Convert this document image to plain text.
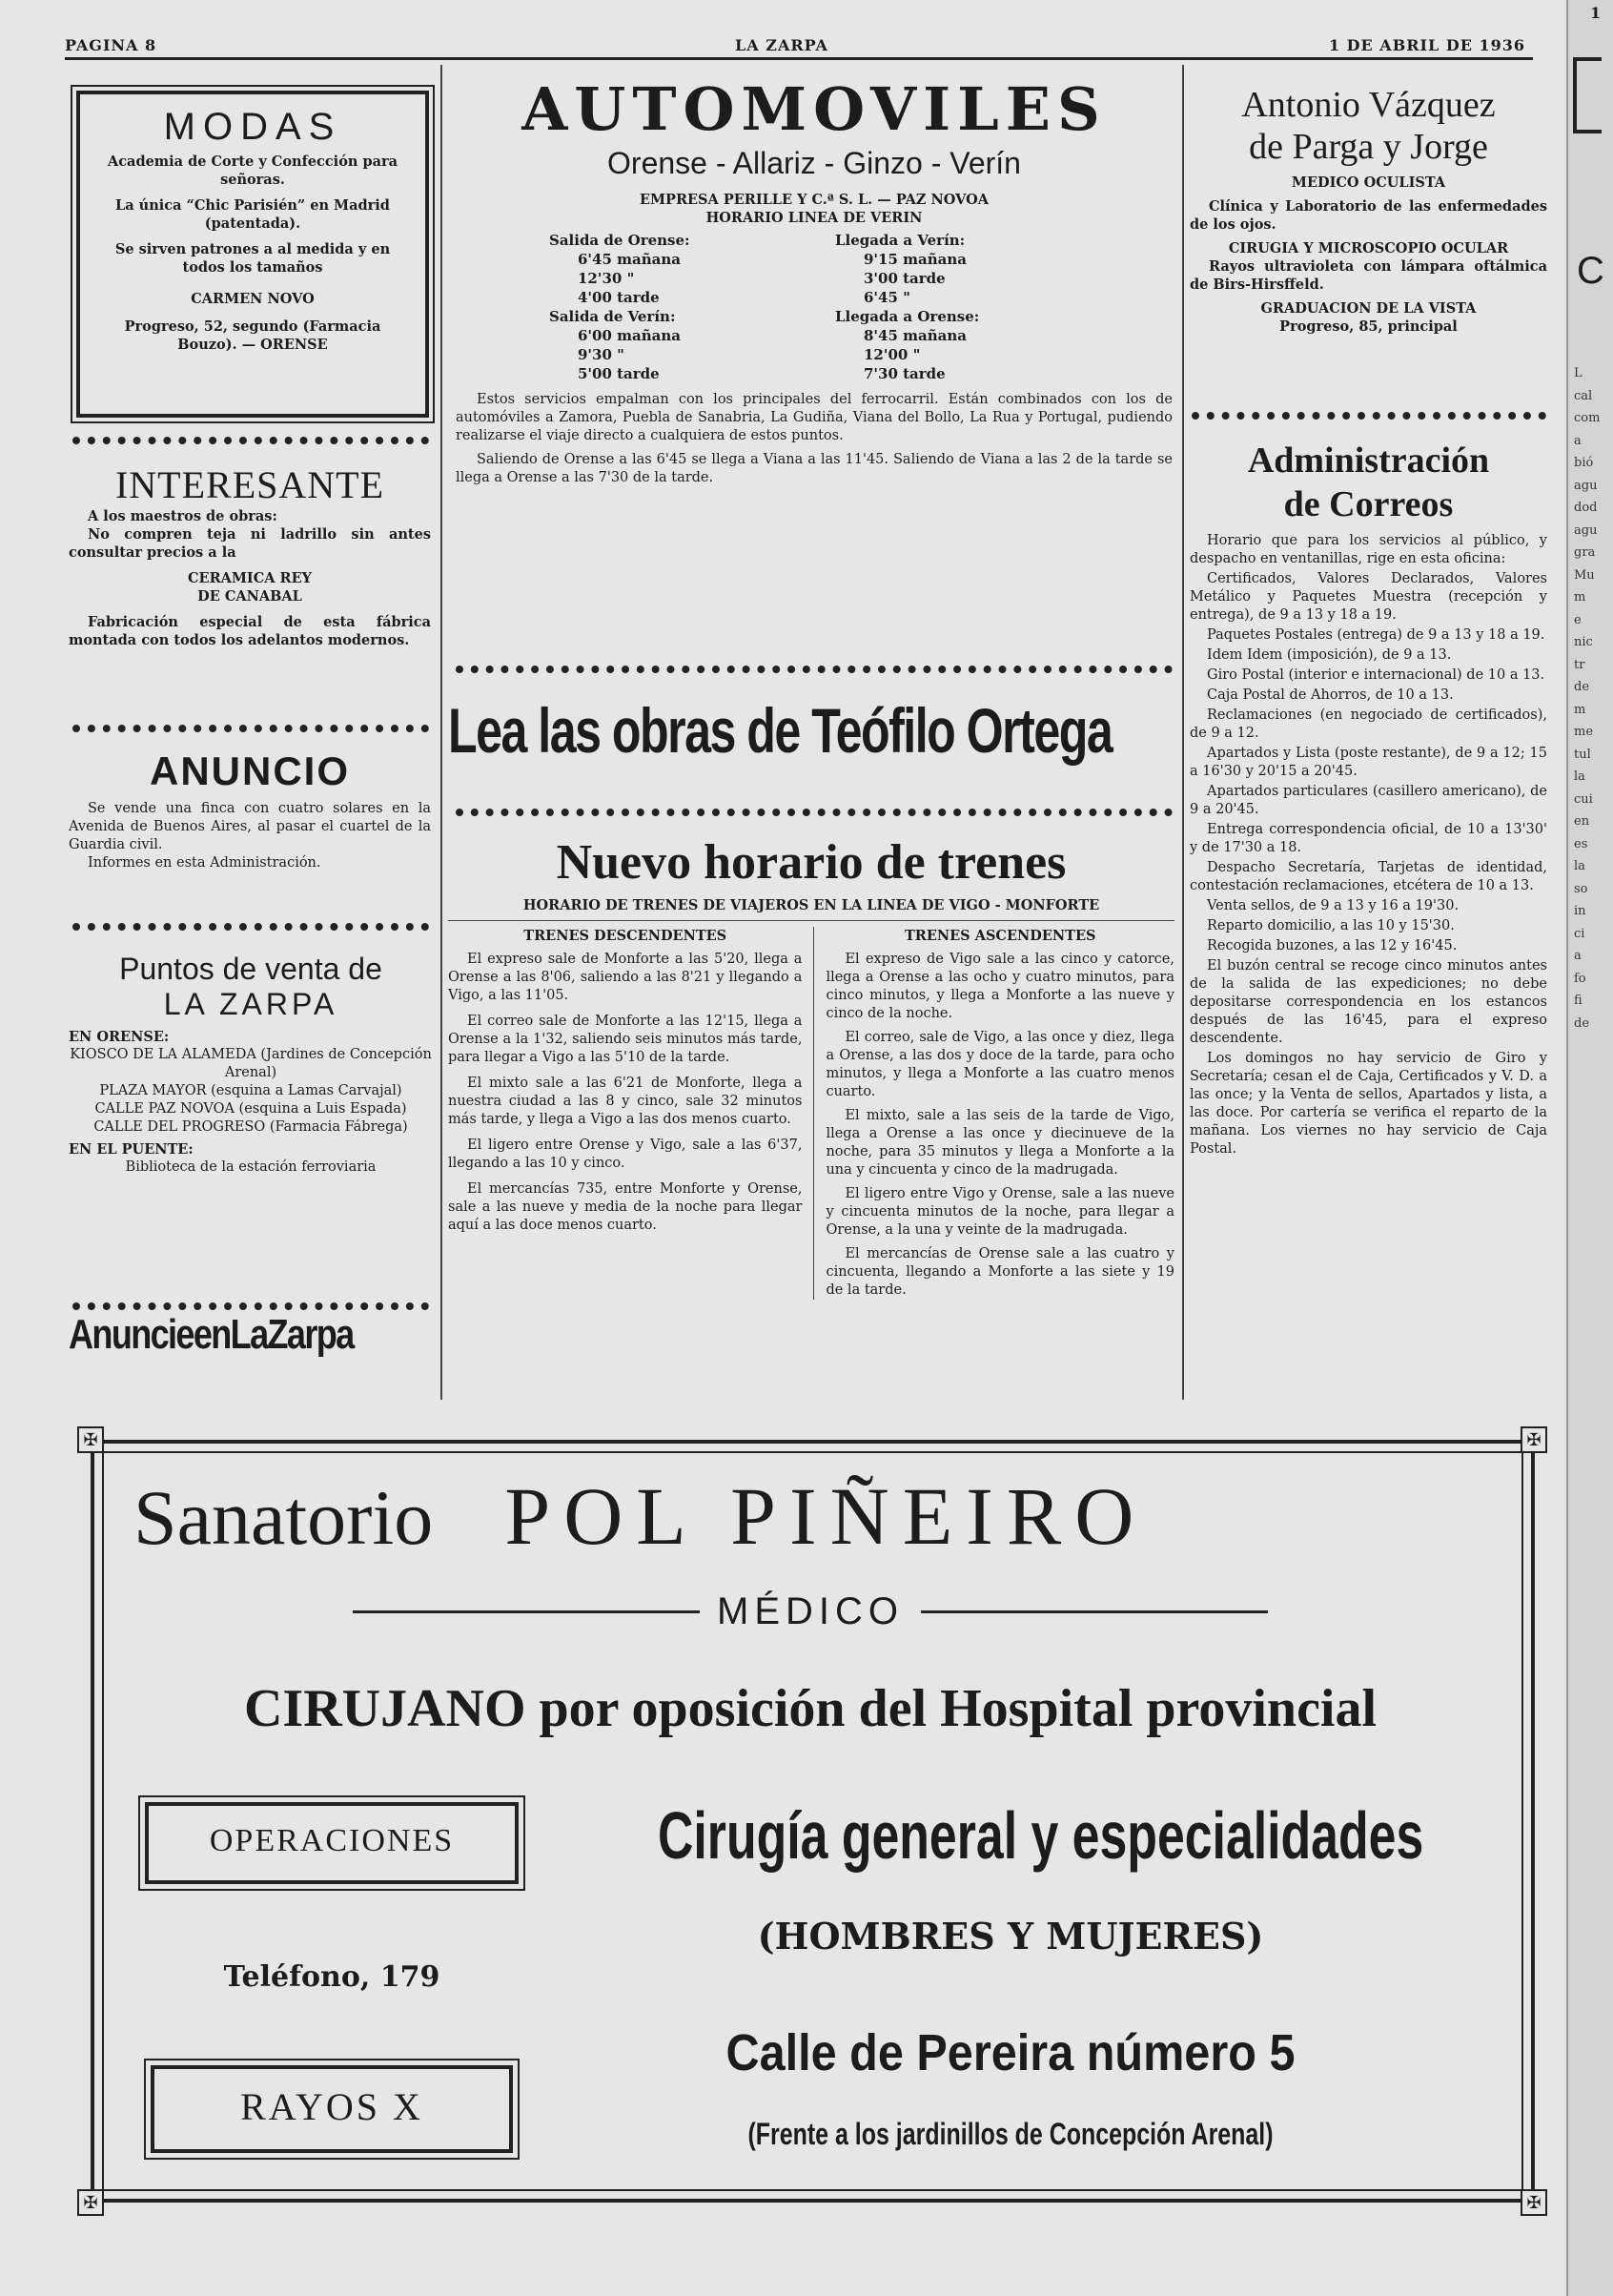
L
cal
com
a
bió
agu
dod
agu
gra
Mu
m
e
nic
tr
de
m
me
tul
la
cui
en
es
la
so
in
ci
a
fo
fi
de
1
C
PAGINA 8	LA ZARPA	1 DE ABRIL DE 1936
MODAS

Academia de Corte y Confección para señoras.

La única “Chic Parisién” en Madrid (patentada).

Se sirven patrones a al medida y en todos los tamaños

CARMEN NOVO

Progreso, 52, segundo (Farmacia Bouzo). — ORENSE

INTERESANTE

A los maestros de obras:

No compren teja ni ladrillo sin antes consultar precios a la

CERAMICA REY

DE CANABAL

Fabricación especial de esta fábrica montada con todos los adelantos modernos.

ANUNCIO

Se vende una finca con cuatro solares en la Avenida de Buenos Aires, al pasar el cuartel de la Guardia civil.

Informes en esta Administración.

Puntos de venta de
LA ZARPA

EN ORENSE:

KIOSCO DE LA ALAMEDA (Jardines de Concepción Arenal)

PLAZA MAYOR (esquina a Lamas Carvajal)

CALLE PAZ NOVOA (esquina a Luis Espada)

CALLE DEL PROGRESO (Farmacia Fábrega)

EN EL PUENTE:

Biblioteca de la estación ferroviaria

AnuncieenLaZarpa
AUTOMOVILES
Orense - Allariz - Ginzo - Verín

EMPRESA PERILLE Y C.ª S. L. — PAZ NOVOA

HORARIO LINEA DE VERIN

Salida de Orense:	Llegada a Verín:
6'45 mañana	9'15 mañana
12'30 "	3'00 tarde
4'00 tarde	6'45 "
Salida de Verín:	Llegada a Orense:
6'00 mañana	8'45 mañana
9'30 "	12'00 "
5'00 tarde	7'30 tarde

Estos servicios empalman con los principales del ferrocarril. Están combinados con los de automóviles a Zamora, Puebla de Sanabria, La Gudiña, Viana del Bollo, La Rua y Portugal, pudiendo realizarse el viaje directo a cualquiera de estos puntos.

Saliendo de Orense a las 6'45 se llega a Viana a las 11'45. Saliendo de Viana a las 2 de la tarde se llega a Orense a las 7'30 de la tarde.

Lea las obras de Teófilo Ortega
Nuevo horario de trenes

HORARIO DE TRENES DE VIAJEROS EN LA LINEA DE VIGO - MONFORTE

TRENES DESCENDENTES

El expreso sale de Monforte a las 5'20, llega a Orense a las 8'06, saliendo a las 8'21 y llegando a Vigo, a las 11'05.

El correo sale de Monforte a las 12'15, llega a Orense a la 1'32, saliendo seis minutos más tarde, para llegar a Vigo a las 5'10 de la tarde.

El mixto sale a las 6'21 de Monforte, llega a nuestra ciudad a las 8 y cinco, sale 32 minutos más tarde, y llega a Vigo a las dos menos cuarto.

El ligero entre Orense y Vigo, sale a las 6'37, llegando a las 10 y cinco.

El mercancías 735, entre Monforte y Orense, sale a las nueve y media de la noche para llegar aquí a las doce menos cuarto.

TRENES ASCENDENTES

El expreso de Vigo sale a las cinco y catorce, llega a Orense a las ocho y cuatro minutos, para cinco minutos, y llega a Monforte a las nueve y cinco de la noche.

El correo, sale de Vigo, a las once y diez, llega a Orense, a las dos y doce de la tarde, para ocho minutos, y llega a Monforte a las cuatro menos cuarto.

El mixto, sale a las seis de la tarde de Vigo, llega a Orense a las once y diecinueve de la noche, para 35 minutos y llega a Monforte a la una y cincuenta y cinco de la madrugada.

El ligero entre Vigo y Orense, sale a las nueve y cincuenta minutos de la noche, para llegar a Orense, a la una y veinte de la madrugada.

El mercancías de Orense sale a las cuatro y cincuenta, llegando a Monforte a las siete y 19 de la tarde.

Antonio Vázquez
de Parga y Jorge

MEDICO OCULISTA

Clínica y Laboratorio de las enfermedades de los ojos.

CIRUGIA Y MICROSCOPIO OCULAR

Rayos ultravioleta con lámpara oftálmica de Birs-Hirsffeld.

GRADUACION DE LA VISTA

Progreso, 85, principal

Administración
de Correos

Horario que para los servicios al público, y despacho en ventanillas, rige en esta oficina:

Certificados, Valores Declarados, Valores Metálico y Paquetes Muestra (recepción y entrega), de 9 a 13 y 18 a 19.

Paquetes Postales (entrega) de 9 a 13 y 18 a 19.

Idem Idem (imposición), de 9 a 13.

Giro Postal (interior e internacional) de 10 a 13.

Caja Postal de Ahorros, de 10 a 13.

Reclamaciones (en negociado de certificados), de 9 a 12.

Apartados y Lista (poste restante), de 9 a 12; 15 a 16'30 y 20'15 a 20'45.

Apartados particulares (casillero americano), de 9 a 20'45.

Entrega correspondencia oficial, de 10 a 13'30' y de 17'30 a 18.

Despacho Secretaría, Tarjetas de identidad, contestación reclamaciones, etcétera de 10 a 13.

Venta sellos, de 9 a 13 y 16 a 19'30.

Reparto domicilio, a las 10 y 15'30.

Recogida buzones, a las 12 y 16'45.

El buzón central se recoge cinco minutos antes de la salida de las expediciones; no debe depositarse correspondencia en los estancos después de las 16'45, para el expreso descendente.

Los domingos no hay servicio de Giro y Secretaría; cesan el de Caja, Certificados y V. D. a las once; y la Venta de sellos, Apartados y lista, a las doce. Por cartería se verifica el reparto de la mañana. Los viernes no hay servicio de Caja Postal.

✠	✠
✠	✠
Sanatorio POL PIÑEIRO
MÉDICO
CIRUJANO por oposición del Hospital provincial
OPERACIONES
Teléfono, 179
RAYOS X
Cirugía general y especialidades
(HOMBRES Y MUJERES)
Calle de Pereira número 5
(Frente a los jardinillos de Concepción Arenal)
